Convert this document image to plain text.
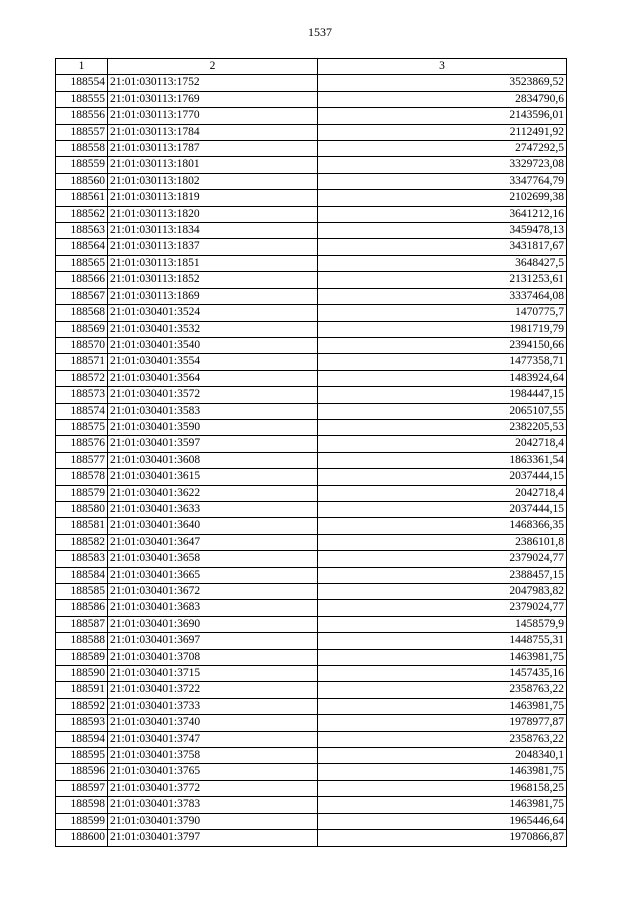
1537
1	2	3
188554	21:01:030113:1752	3523869,52
188555	21:01:030113:1769	2834790,6
188556	21:01:030113:1770	2143596,01
188557	21:01:030113:1784	2112491,92
188558	21:01:030113:1787	2747292,5
188559	21:01:030113:1801	3329723,08
188560	21:01:030113:1802	3347764,79
188561	21:01:030113:1819	2102699,38
188562	21:01:030113:1820	3641212,16
188563	21:01:030113:1834	3459478,13
188564	21:01:030113:1837	3431817,67
188565	21:01:030113:1851	3648427,5
188566	21:01:030113:1852	2131253,61
188567	21:01:030113:1869	3337464,08
188568	21:01:030401:3524	1470775,7
188569	21:01:030401:3532	1981719,79
188570	21:01:030401:3540	2394150,66
188571	21:01:030401:3554	1477358,71
188572	21:01:030401:3564	1483924,64
188573	21:01:030401:3572	1984447,15
188574	21:01:030401:3583	2065107,55
188575	21:01:030401:3590	2382205,53
188576	21:01:030401:3597	2042718,4
188577	21:01:030401:3608	1863361,54
188578	21:01:030401:3615	2037444,15
188579	21:01:030401:3622	2042718,4
188580	21:01:030401:3633	2037444,15
188581	21:01:030401:3640	1468366,35
188582	21:01:030401:3647	2386101,8
188583	21:01:030401:3658	2379024,77
188584	21:01:030401:3665	2388457,15
188585	21:01:030401:3672	2047983,82
188586	21:01:030401:3683	2379024,77
188587	21:01:030401:3690	1458579,9
188588	21:01:030401:3697	1448755,31
188589	21:01:030401:3708	1463981,75
188590	21:01:030401:3715	1457435,16
188591	21:01:030401:3722	2358763,22
188592	21:01:030401:3733	1463981,75
188593	21:01:030401:3740	1978977,87
188594	21:01:030401:3747	2358763,22
188595	21:01:030401:3758	2048340,1
188596	21:01:030401:3765	1463981,75
188597	21:01:030401:3772	1968158,25
188598	21:01:030401:3783	1463981,75
188599	21:01:030401:3790	1965446,64
188600	21:01:030401:3797	1970866,87
